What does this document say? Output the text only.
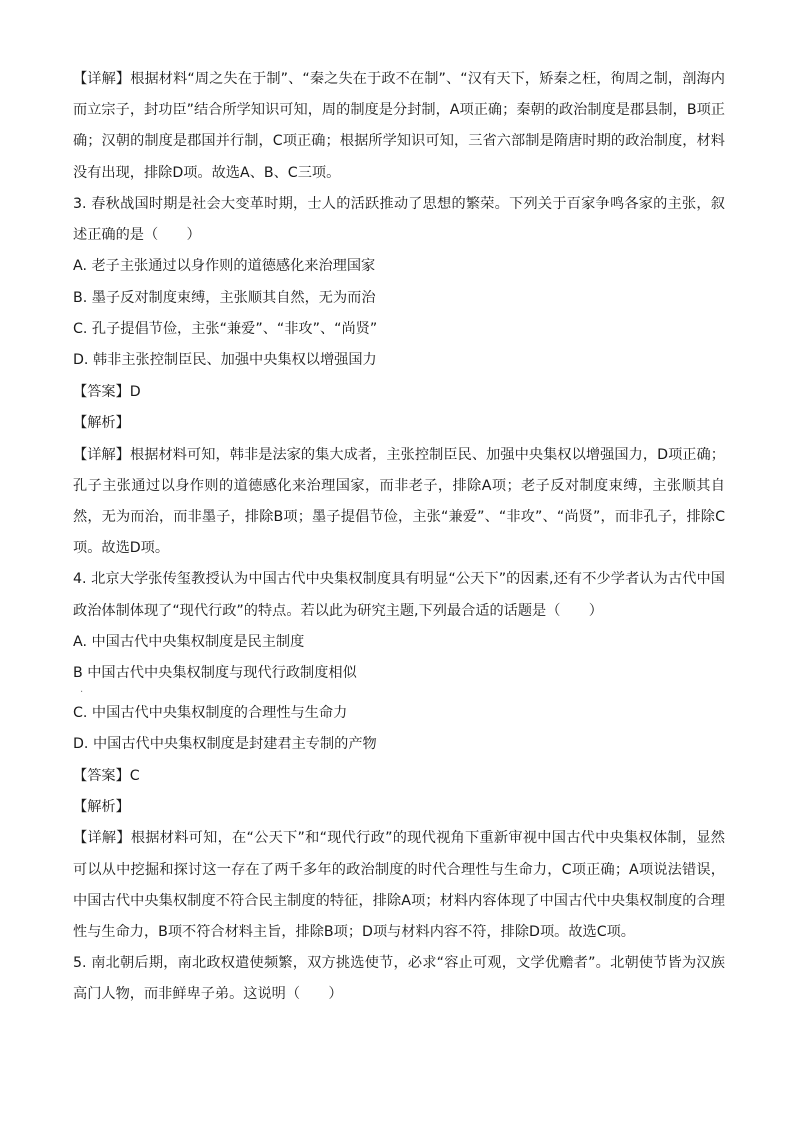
【详解】根据材料“周之失在于制”、“秦之失在于政不在制”、“汉有天下，矫秦之枉，徇周之制，剖海内而立宗子，封功臣”结合所学知识可知，周的制度是分封制，A项正确；秦朝的政治制度是郡县制，B项正确；汉朝的制度是郡国并行制，C项正确；根据所学知识可知，三省六部制是隋唐时期的政治制度，材料没有出现，排除D项。故选A、B、C三项。

3. 春秋战国时期是社会大变革时期，士人的活跃推动了思想的繁荣。下列关于百家争鸣各家的主张，叙述正确的是（　　）

A. 老子主张通过以身作则的道德感化来治理国家
B. 墨子反对制度束缚，主张顺其自然，无为而治
C. 孔子提倡节俭，主张“兼爱”、“非攻”、“尚贤”
D. 韩非主张控制臣民、加强中央集权以增强国力
【答案】D
【解析】

【详解】根据材料可知，韩非是法家的集大成者，主张控制臣民、加强中央集权以增强国力，D项正确；孔子主张通过以身作则的道德感化来治理国家，而非老子，排除A项；老子反对制度束缚，主张顺其自然，无为而治，而非墨子，排除B项；墨子提倡节俭，主张“兼爱”、“非攻”、“尚贤”，而非孔子，排除C项。故选D项。

4. 北京大学张传玺教授认为中国古代中央集权制度具有明显“公天下”的因素,还有不少学者认为古代中国政治体制体现了“现代行政”的特点。若以此为研究主题,下列最合适的话题是（　　）

A. 中国古代中央集权制度是民主制度
B 中国古代中央集权制度与现代行政制度相似
.
C. 中国古代中央集权制度的合理性与生命力
D. 中国古代中央集权制度是封建君主专制的产物
【答案】C
【解析】

【详解】根据材料可知，在“公天下”和“现代行政”的现代视角下重新审视中国古代中央集权体制，显然可以从中挖掘和探讨这一存在了两千多年的政治制度的时代合理性与生命力，C项正确；A项说法错误，中国古代中央集权制度不符合民主制度的特征，排除A项；材料内容体现了中国古代中央集权制度的合理性与生命力，B项不符合材料主旨，排除B项；D项与材料内容不符，排除D项。故选C项。

5. 南北朝后期，南北政权遣使频繁，双方挑选使节，必求“容止可观，文学优赡者”。北朝使节皆为汉族高门人物，而非鲜卑子弟。这说明（　　）
